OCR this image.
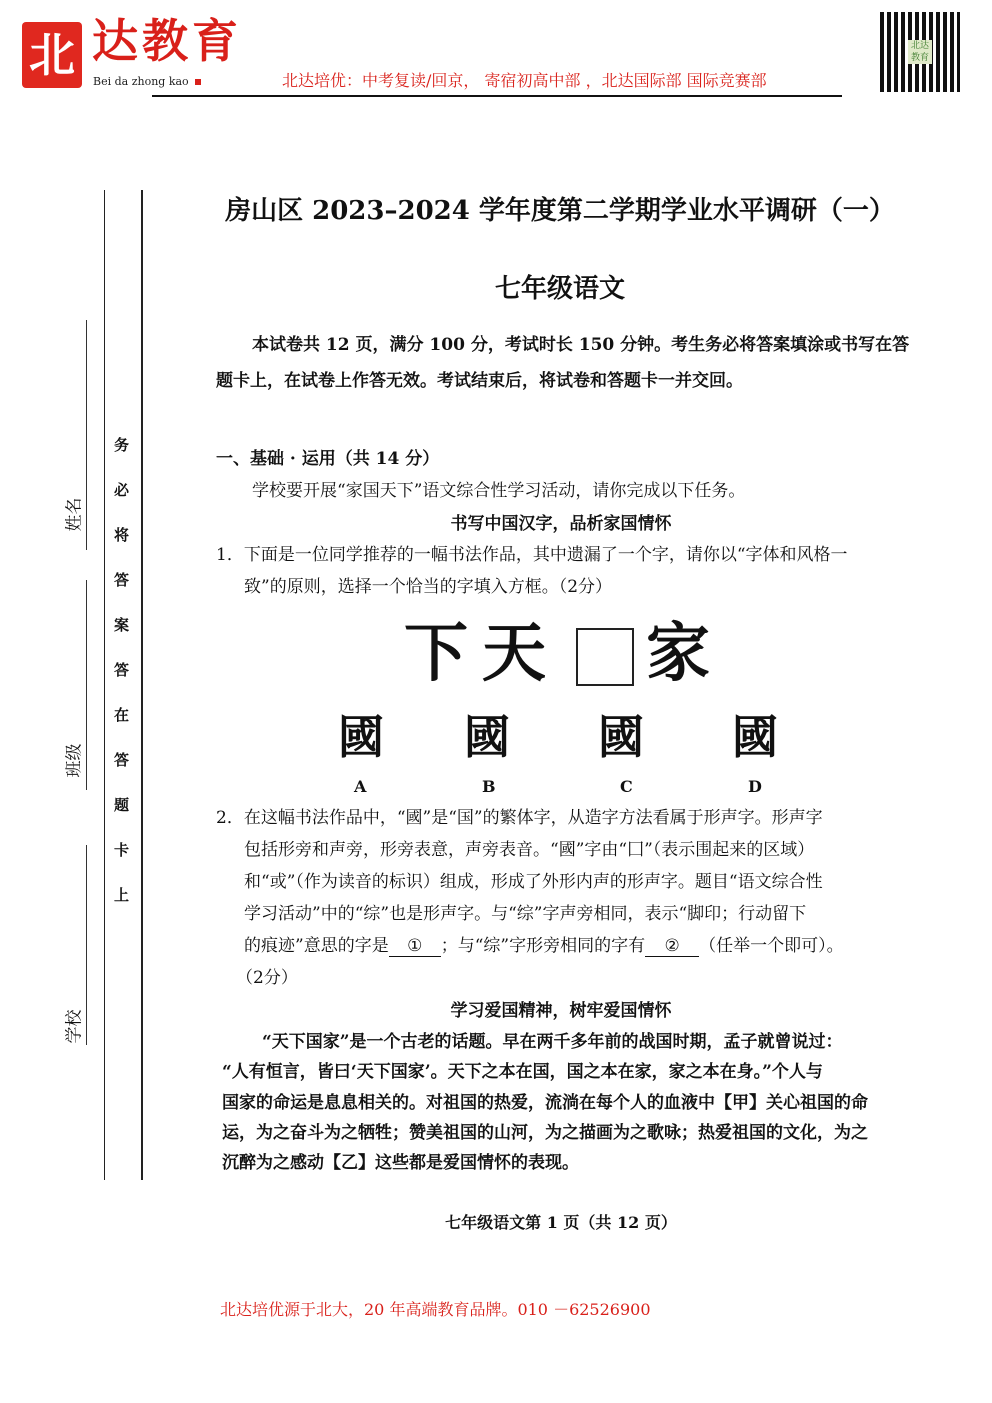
北 达教育
Bei da zhong kao	北达培优：中考复读/回京， 寄宿初高中部 ，北达国际部 国际竞赛部
北达教育
姓名
班级
学校
务
必
将
答
案
答
在
答
题
卡
上
房山区 2023–2024 学年度第二学期学业水平调研（一）
七年级语文
本试卷共 12 页，满分 100 分，考试时长 150 分钟。考生务必将答案填涂或书写在答
题卡上，在试卷上作答无效。考试结束后，将试卷和答题卡一并交回。
一、基础 · 运用（共 14 分）
学校要开展“家国天下”语文综合性学习活动，请你完成以下任务。
书写中国汉字，品析家国情怀
1．下面是一位同学推荐的一幅书法作品，其中遗漏了一个字，请你以“字体和风格一
致”的原则，选择一个恰当的字填入方框。（2分）
下 天 家
國 國 國 國
A	B	C	D
2．在这幅书法作品中，“國”是“国”的繁体字，从造字方法看属于形声字。形声字
包括形旁和声旁，形旁表意，声旁表音。“國”字由“囗”（表示围起来的区域）
和“或”（作为读音的标识）组成，形成了外形内声的形声字。题目“语文综合性
学习活动”中的“综”也是形声字。与“综”字声旁相同，表示“脚印；行动留下
的痕迹”意思的字是 ① ；与“综”字形旁相同的字有 ② （任举一个即可）。
（2分）
学习爱国精神，树牢爱国情怀
“天下国家”是一个古老的话题。早在两千多年前的战国时期，孟子就曾说过：
“人有恒言，皆曰‘天下国家’。天下之本在国，国之本在家，家之本在身。”个人与
国家的命运是息息相关的。对祖国的热爱，流淌在每个人的血液中【甲】关心祖国的命
运，为之奋斗为之牺牲；赞美祖国的山河，为之描画为之歌咏；热爱祖国的文化，为之
沉醉为之感动【乙】这些都是爱国情怀的表现。
七年级语文第 1 页（共 12 页）
北达培优源于北大，20 年高端教育品牌。010 －62526900
